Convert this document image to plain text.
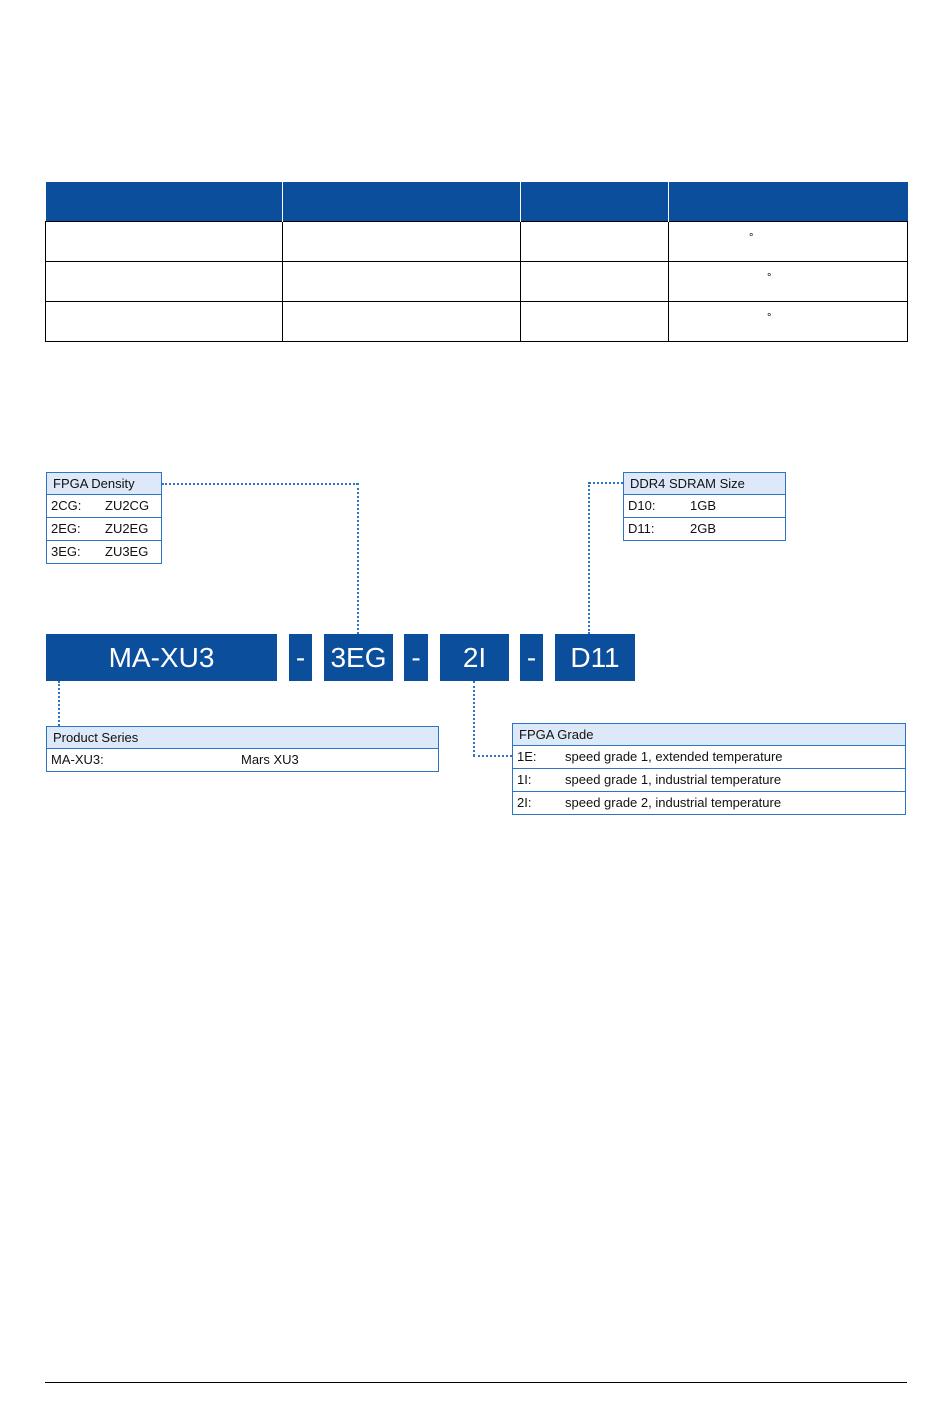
			°

			°

			°
FPGA Density
2CG: ZU2CG
2EG: ZU2EG
3EG: ZU3EG
DDR4 SDRAM Size
D10:	1GB
D11:	2GB
MA-XU3	- 3EG -	2I	-	D11
Product Series
MA-XU3:	Mars XU3
FPGA Grade
1E: speed grade 1, extended temperature
1I:	speed grade 1, industrial temperature
2I:	speed grade 2, industrial temperature
